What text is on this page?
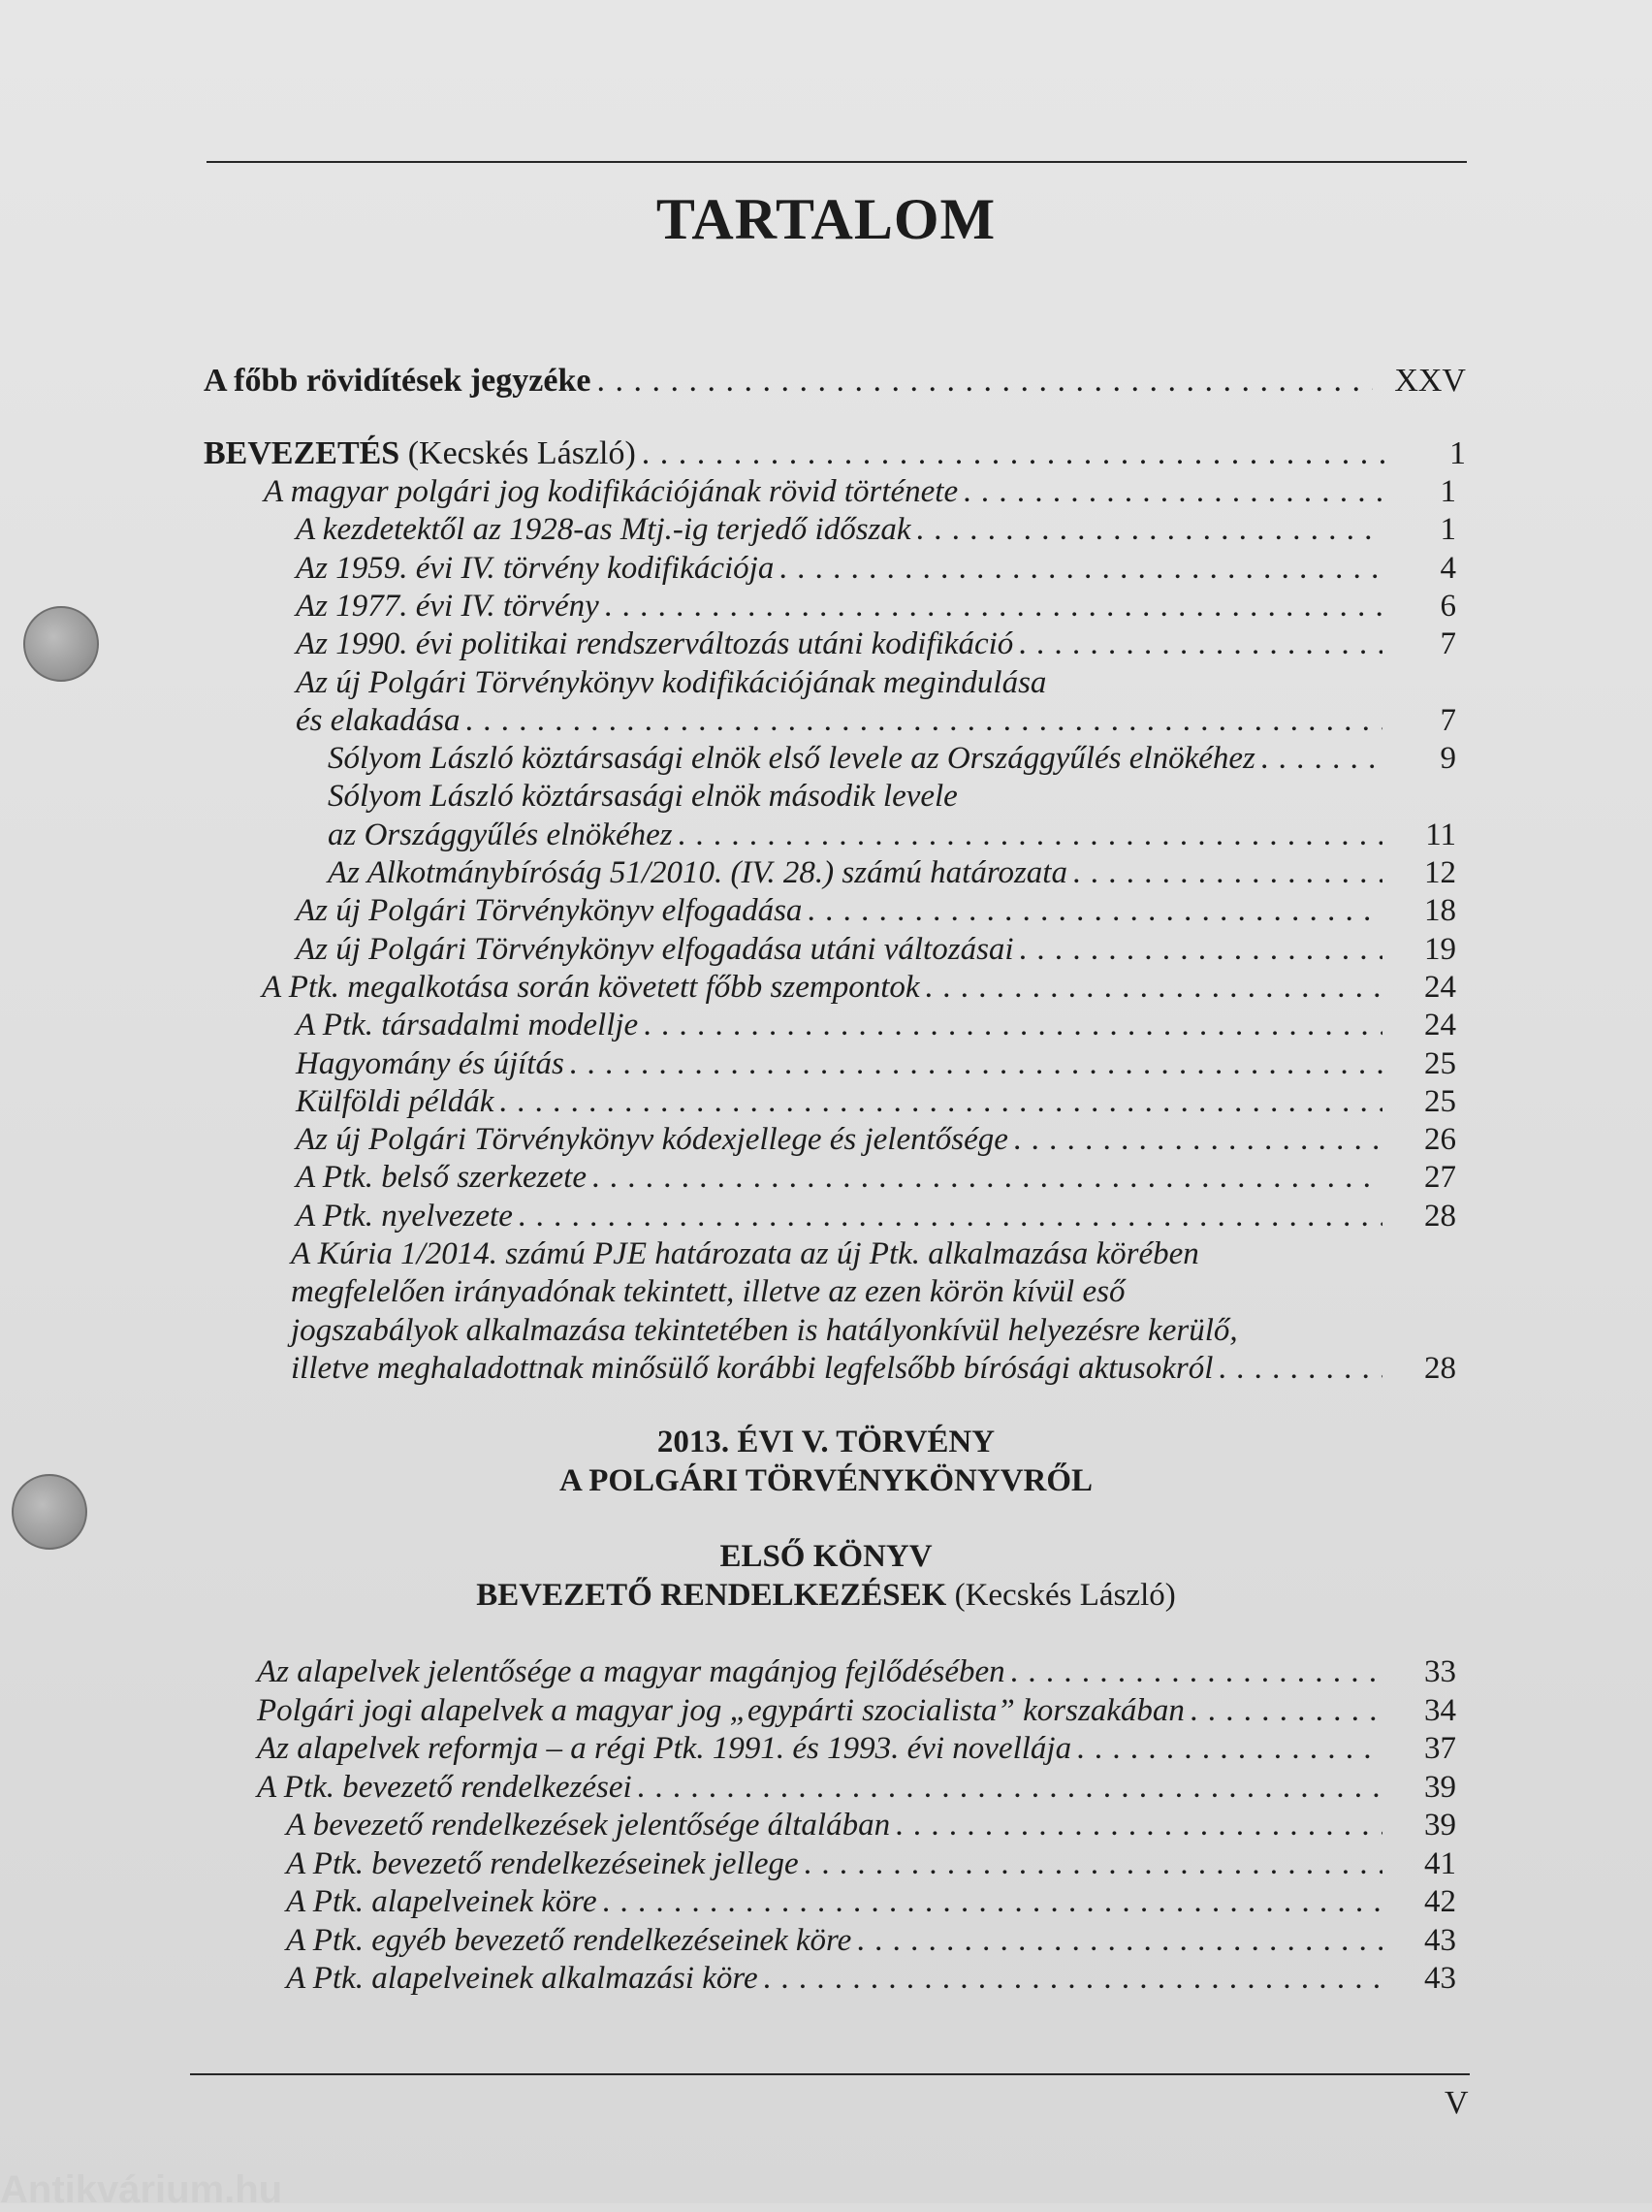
TARTALOM
A főbb rövidítések jegyzéke . . .	XXV
BEVEZETÉS (Kecskés László) . . .	1
A magyar polgári jog kodifikációjának rövid története . . .	1
A kezdetektől az 1928-as Mtj.-ig terjedő időszak . . .	1
Az 1959. évi IV. törvény kodifikációja . . .	4
Az 1977. évi IV. törvény . . .	6
Az 1990. évi politikai rendszerváltozás utáni kodifikáció . . .	7
Az új Polgári Törvénykönyv kodifikációjának megindulása
és elakadása . . .	7
Sólyom László köztársasági elnök első levele az Országgyűlés elnökéhez . . .	9
Sólyom László köztársasági elnök második levele
az Országgyűlés elnökéhez . . .	11
Az Alkotmánybíróság 51/2010. (IV. 28.) számú határozata . . .	12
Az új Polgári Törvénykönyv elfogadása . . .	18
Az új Polgári Törvénykönyv elfogadása utáni változásai . . .	19
A Ptk. megalkotása során követett főbb szempontok . . .	24
A Ptk. társadalmi modellje . . .	24
Hagyomány és újítás . . .	25
Külföldi példák . . .	25
Az új Polgári Törvénykönyv kódexjellege és jelentősége . . .	26
A Ptk. belső szerkezete . . .	27
A Ptk. nyelvezete . . .	28
A Kúria 1/2014. számú PJE határozata az új Ptk. alkalmazása körében
megfelelően irányadónak tekintett, illetve az ezen körön kívül eső
jogszabályok alkalmazása tekintetében is hatályonkívül helyezésre kerülő,
illetve meghaladottnak minősülő korábbi legfelsőbb bírósági aktusokról . . .	28
2013. ÉVI V. TÖRVÉNY
A POLGÁRI TÖRVÉNYKÖNYVRŐL
ELSŐ KÖNYV
BEVEZETŐ RENDELKEZÉSEK (Kecskés László)
Az alapelvek jelentősége a magyar magánjog fejlődésében . . .	33
Polgári jogi alapelvek a magyar jog „egypárti szocialista” korszakában . . .	34
Az alapelvek reformja – a régi Ptk. 1991. és 1993. évi novellája . . .	37
A Ptk. bevezető rendelkezései . . .	39
A bevezető rendelkezések jelentősége általában . . .	39
A Ptk. bevezető rendelkezéseinek jellege . . .	41
A Ptk. alapelveinek köre . . .	42
A Ptk. egyéb bevezető rendelkezéseinek köre . . .	43
A Ptk. alapelveinek alkalmazási köre . . .	43
V
Antikvárium.hu
